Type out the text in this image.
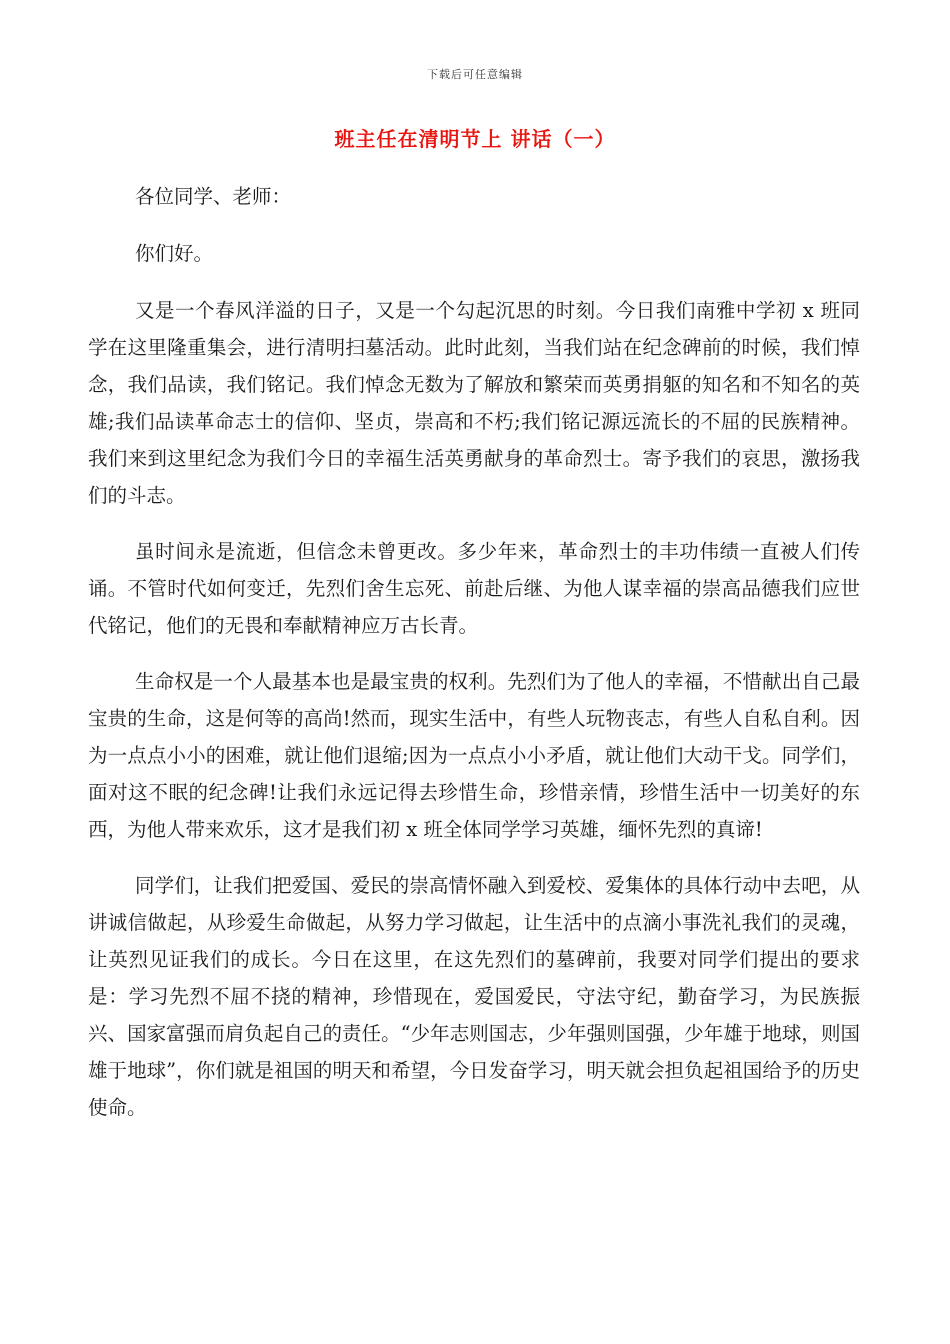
下载后可任意编辑
班主任在清明节上 讲话（一）

各位同学、老师：

你们好。

又是一个春风洋溢的日子，又是一个勾起沉思的时刻。今日我们南雅中学初 x 班同学在这里隆重集会，进行清明扫墓活动。此时此刻，当我们站在纪念碑前的时候，我们悼念，我们品读，我们铭记。我们悼念无数为了解放和繁荣而英勇捐躯的知名和不知名的英雄;我们品读革命志士的信仰、坚贞，崇高和不朽;我们铭记源远流长的不屈的民族精神。我们来到这里纪念为我们今日的幸福生活英勇献身的革命烈士。寄予我们的哀思，激扬我们的斗志。

虽时间永是流逝，但信念未曾更改。多少年来，革命烈士的丰功伟绩一直被人们传诵。不管时代如何变迁，先烈们舍生忘死、前赴后继、为他人谋幸福的崇高品德我们应世代铭记，他们的无畏和奉献精神应万古长青。

生命权是一个人最基本也是最宝贵的权利。先烈们为了他人的幸福，不惜献出自己最宝贵的生命，这是何等的高尚!然而，现实生活中，有些人玩物丧志，有些人自私自利。因为一点点小小的困难，就让他们退缩;因为一点点小小矛盾，就让他们大动干戈。同学们，面对这不眠的纪念碑!让我们永远记得去珍惜生命，珍惜亲情，珍惜生活中一切美好的东西，为他人带来欢乐，这才是我们初 x 班全体同学学习英雄，缅怀先烈的真谛!

同学们，让我们把爱国、爱民的崇高情怀融入到爱校、爱集体的具体行动中去吧，从讲诚信做起，从珍爱生命做起，从努力学习做起，让生活中的点滴小事洗礼我们的灵魂，让英烈见证我们的成长。今日在这里，在这先烈们的墓碑前，我要对同学们提出的要求是：学习先烈不屈不挠的精神，珍惜现在，爱国爱民，守法守纪，勤奋学习，为民族振兴、国家富强而肩负起自己的责任。“少年志则国志，少年强则国强，少年雄于地球，则国雄于地球”，你们就是祖国的明天和希望，今日发奋学习，明天就会担负起祖国给予的历史使命。
